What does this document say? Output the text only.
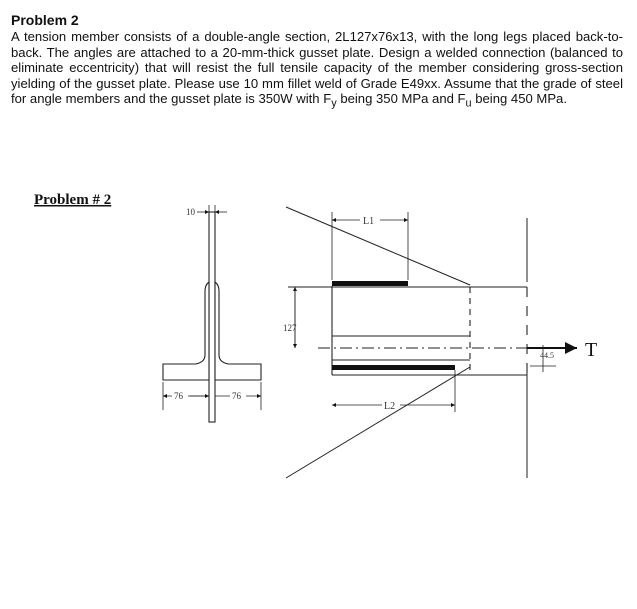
Problem 2
A tension member consists of a double-angle section, 2L127x76x13, with the long legs placed back-to-back. The angles are attached to a 20-mm-thick gusset plate. Design a welded connection (balanced to eliminate eccentricity) that will resist the full tensile capacity of the member considering gross-section yielding of the gusset plate. Please use 10 mm fillet weld of Grade E49xx. Assume that the grade of steel for angle members and the gusset plate is 350W with $F_y$ being 350 MPa and $F_u$ being 450 MPa.
Problem # 2
10
76	76
T
127
L1
L2
44.5
